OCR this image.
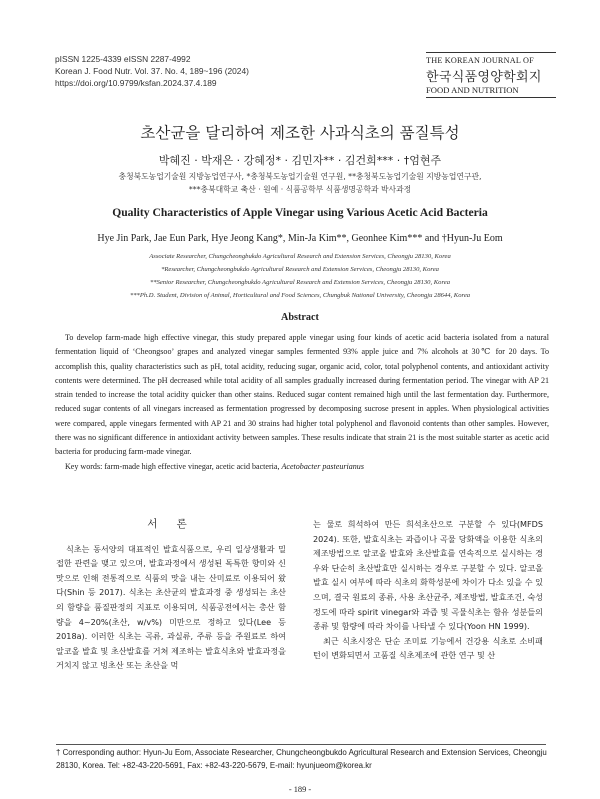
pISSN 1225-4339 eISSN 2287-4992
Korean J. Food Nutr. Vol. 37. No. 4, 189~196 (2024)
https://doi.org/10.9799/ksfan.2024.37.4.189
THE KOREAN JOURNAL OF
한국식품영양학회지
FOOD AND NUTRITION
초산균을 달리하여 제조한 사과식초의 품질특성
박혜진 · 박재은 · 강혜정* · 김민자** · 김건희*** · †엄현주
충청북도농업기술원 지방농업연구사, *충청북도농업기술원 연구원, **충청북도농업기술원 지방농업연구관,
***충북대학교 축산 · 원예 · 식품공학부 식품생명공학과 박사과정
Quality Characteristics of Apple Vinegar using Various Acetic Acid Bacteria
Hye Jin Park, Jae Eun Park, Hye Jeong Kang*, Min-Ja Kim**, Geonhee Kim*** and †Hyun-Ju Eom
Associate Researcher, Chungcheongbukdo Agricultural Research and Extension Services, Cheongju 28130, Korea
*Researcher, Chungcheongbukdo Agricultural Research and Extension Services, Cheongju 28130, Korea
**Senior Researcher, Chungcheongbukdo Agricultural Research and Extension Services, Cheongju 28130, Korea
***Ph.D. Student, Division of Animal, Horticultural and Food Sciences, Chungbuk National University, Cheongju 28644, Korea
Abstract

To develop farm-made high effective vinegar, this study prepared apple vinegar using four kinds of acetic acid bacteria isolated from a natural fermentation liquid of ‘Cheongsoo’ grapes and analyzed vinegar samples fermented 93% apple juice and 7% alcohols at 30℃ for 20 days. To accomplish this, quality characteristics such as pH, total acidity, reducing sugar, organic acid, color, total polyphenol contents, and antioxidant activity contents were determined. The pH decreased while total acidity of all samples gradually increased during fermentation period. The vinegar with AP 21 strain tended to increase the total acidity quicker than other stains. Reduced sugar content remained high until the last fermentation day. Furthermore, reduced sugar contents of all vinegars increased as fermentation progressed by decomposing sucrose present in apples. When physiological activities were compared, apple vinegars fermented with AP 21 and 30 strains had higher total polyphenol and flavonoid contents than other samples. However, there was no significant difference in antioxidant activity between samples. These results indicate that strain 21 is the most suitable starter as acetic acid bacteria for producing farm-made vinegar.

Key words: farm-made high effective vinegar, acetic acid bacteria, Acetobacter pasteurianus

서 론

식초는 동서양의 대표적인 발효식품으로, 우리 일상생활과 밀접한 관련을 맺고 있으며, 발효과정에서 생성된 독특한 향미와 신맛으로 인해 전통적으로 식품의 맛을 내는 산미료로 이용되어 왔다(Shin 등 2017). 식초는 초산균의 발효과정 중 생성되는 초산의 함량을 품질판정의 지표로 이용되며, 식품공전에서는 총산 함량을 4~20%(초산, w/v%) 미만으로 정하고 있다(Lee 등 2018a). 이러한 식초는 곡류, 과실류, 주류 등을 주원료로 하여 알코올 발효 및 초산발효를 거쳐 제조하는 발효식초와 발효과정을 거치지 않고 빙초산 또는 초산을 먹

는 물로 희석하여 만든 희석초산으로 구분할 수 있다(MFDS 2024). 또한, 발효식초는 과즙이나 곡물 당화액을 이용한 식초의 제조방법으로 알코올 발효와 초산발효를 연속적으로 실시하는 경우와 단순히 초산발효만 실시하는 경우로 구분할 수 있다. 알코올 발효 실시 여부에 따라 식초의 화학성분에 차이가 다소 있을 수 있으며, 결국 원료의 종류, 사용 초산균주, 제조방법, 발효조건, 숙성정도에 따라 spirit vinegar와 과즙 및 곡물식초는 함유 성분들의 종류 및 함량에 따라 차이를 나타낼 수 있다(Yoon HN 1999).

최근 식초시장은 단순 조미료 기능에서 건강용 식초로 소비패턴이 변화되면서 고품질 식초제조에 관한 연구 및 산

† Corresponding author: Hyun-Ju Eom, Associate Researcher, Chungcheongbukdo Agricultural Research and Extension Services, Cheongju 28130, Korea. Tel: +82-43-220-5691, Fax: +82-43-220-5679, E-mail: hyunjueom@korea.kr
- 189 -
